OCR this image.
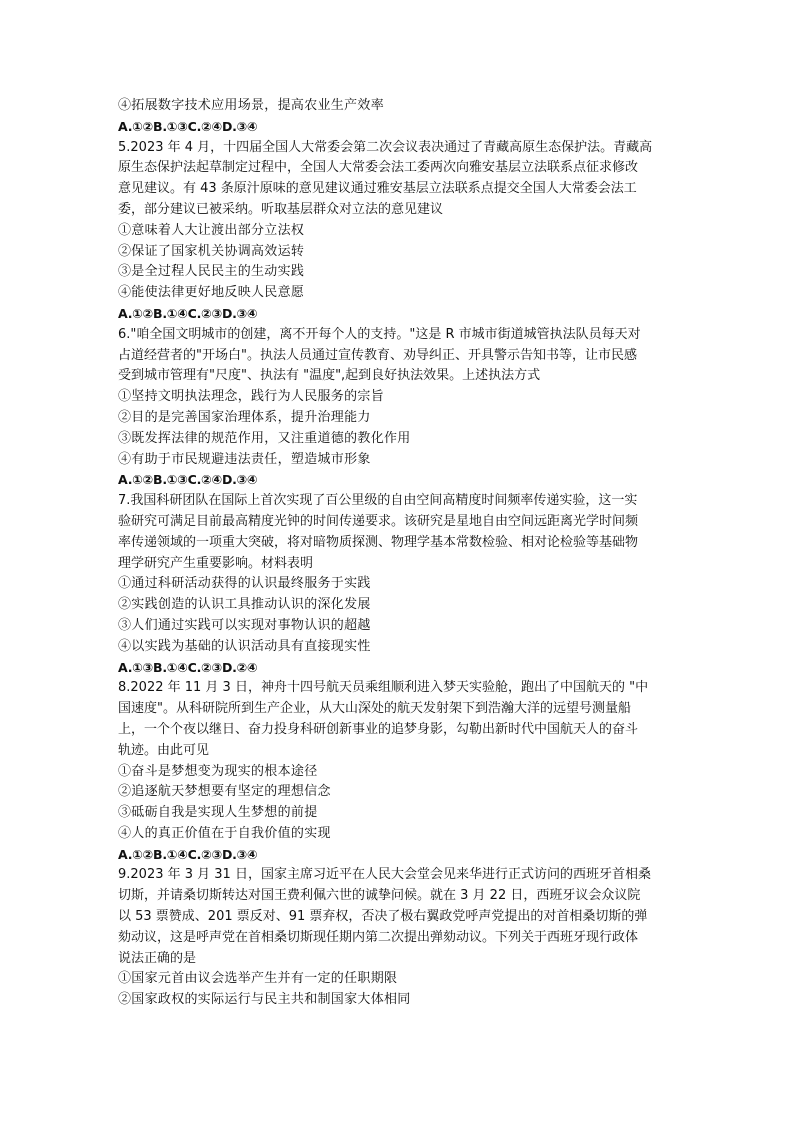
④拓展数字技术应用场景，提高农业生产效率
A.①②B.①③C.②④D.③④
5.2023 年 4 月，十四届全国人大常委会第二次会议表决通过了青藏高原生态保护法。青藏高
原生态保护法起草制定过程中，全国人大常委会法工委两次向雅安基层立法联系点征求修改
意见建议。有 43 条原汁原味的意见建议通过雅安基层立法联系点提交全国人大常委会法工
委，部分建议已被采纳。听取基层群众对立法的意见建议
①意味着人大让渡出部分立法权
②保证了国家机关协调高效运转
③是全过程人民民主的生动实践
④能使法律更好地反映人民意愿
A.①②B.①④C.②③D.③④
6."咱全国文明城市的创建，离不开每个人的支持。"这是 R 市城市街道城管执法队员每天对
占道经营者的"开场白"。执法人员通过宣传教育、劝导纠正、开具警示告知书等，让市民感
受到城市管理有"尺度"、执法有 "温度",起到良好执法效果。上述执法方式
①坚持文明执法理念，践行为人民服务的宗旨
②目的是完善国家治理体系，提升治理能力
③既发挥法律的规范作用，又注重道德的教化作用
④有助于市民规避违法责任，塑造城市形象
A.①②B.①③C.②④D.③④
7.我国科研团队在国际上首次实现了百公里级的自由空间高精度时间频率传递实验，这一实
验研究可满足目前最高精度光钟的时间传递要求。该研究是星地自由空间远距离光学时间频
率传递领域的一项重大突破，将对暗物质探测、物理学基本常数检验、相对论检验等基础物
理学研究产生重要影响。材料表明
①通过科研活动获得的认识最终服务于实践
②实践创造的认识工具推动认识的深化发展
③人们通过实践可以实现对事物认识的超越
④以实践为基础的认识活动具有直接现实性
A.①③B.①④C.②③D.②④
8.2022 年 11 月 3 日，神舟十四号航天员乘组顺利进入梦天实验舱，跑出了中国航天的 "中
国速度"。从科研院所到生产企业，从大山深处的航天发射架下到浩瀚大洋的远望号测量船
上，一个个夜以继日、奋力投身科研创新事业的追梦身影，勾勒出新时代中国航天人的奋斗
轨迹。由此可见
①奋斗是梦想变为现实的根本途径
②追逐航天梦想要有坚定的理想信念
③砥砺自我是实现人生梦想的前提
④人的真正价值在于自我价值的实现
A.①②B.①④C.②③D.③④
9.2023 年 3 月 31 日，国家主席习近平在人民大会堂会见来华进行正式访问的西班牙首相桑
切斯，并请桑切斯转达对国王费利佩六世的诚挚问候。就在 3 月 22 日，西班牙议会众议院
以 53 票赞成、201 票反对、91 票弃权，否决了极右翼政党呼声党提出的对首相桑切斯的弹
劾动议，这是呼声党在首相桑切斯现任期内第二次提出弹劾动议。下列关于西班牙现行政体
说法正确的是
①国家元首由议会选举产生并有一定的任职期限
②国家政权的实际运行与民主共和制国家大体相同
